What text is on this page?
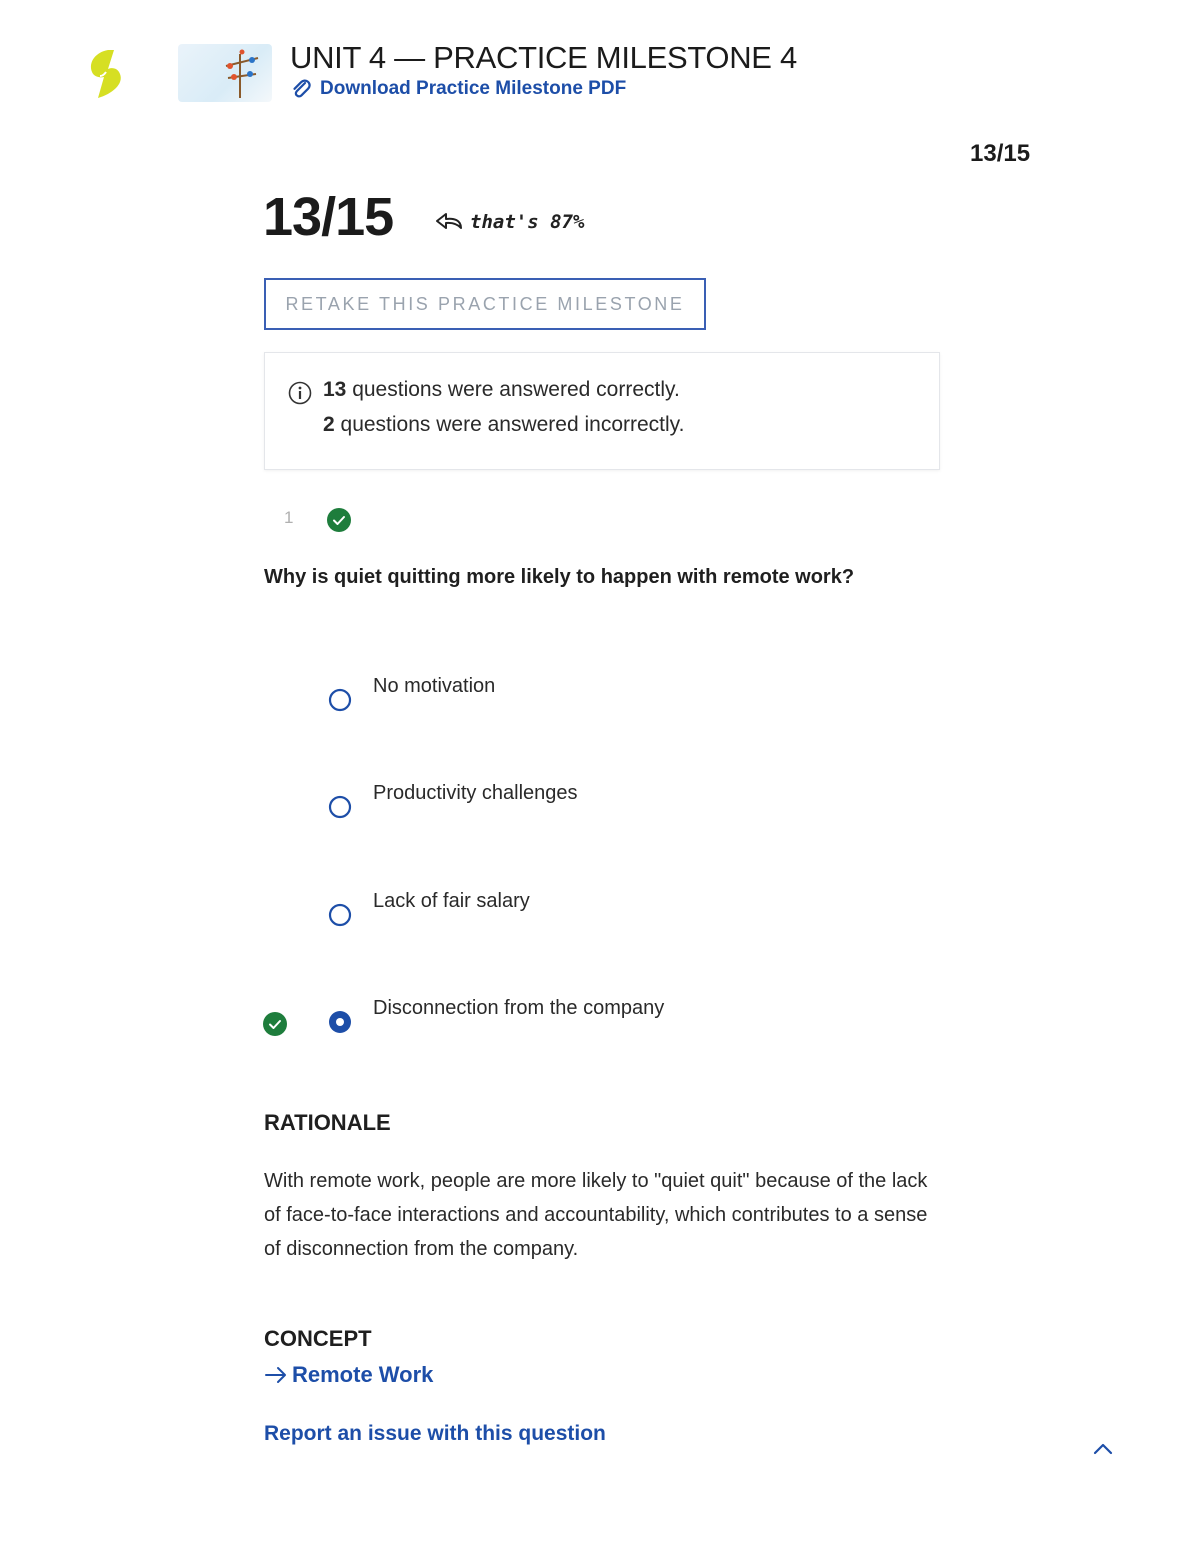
UNIT 4 — PRACTICE MILESTONE 4
Download Practice Milestone PDF
13/15
13/15	that's 87%
RETAKE THIS PRACTICE MILESTONE
13 questions were answered correctly.
2 questions were answered incorrectly.
1
Why is quiet quitting more likely to happen with remote work?
No motivation
Productivity challenges
Lack of fair salary
Disconnection from the company
RATIONALE
With remote work, people are more likely to "quiet quit" because of the lack of face-to-face interactions and accountability, which contributes to a sense of disconnection from the company.
CONCEPT
Remote Work
Report an issue with this question
